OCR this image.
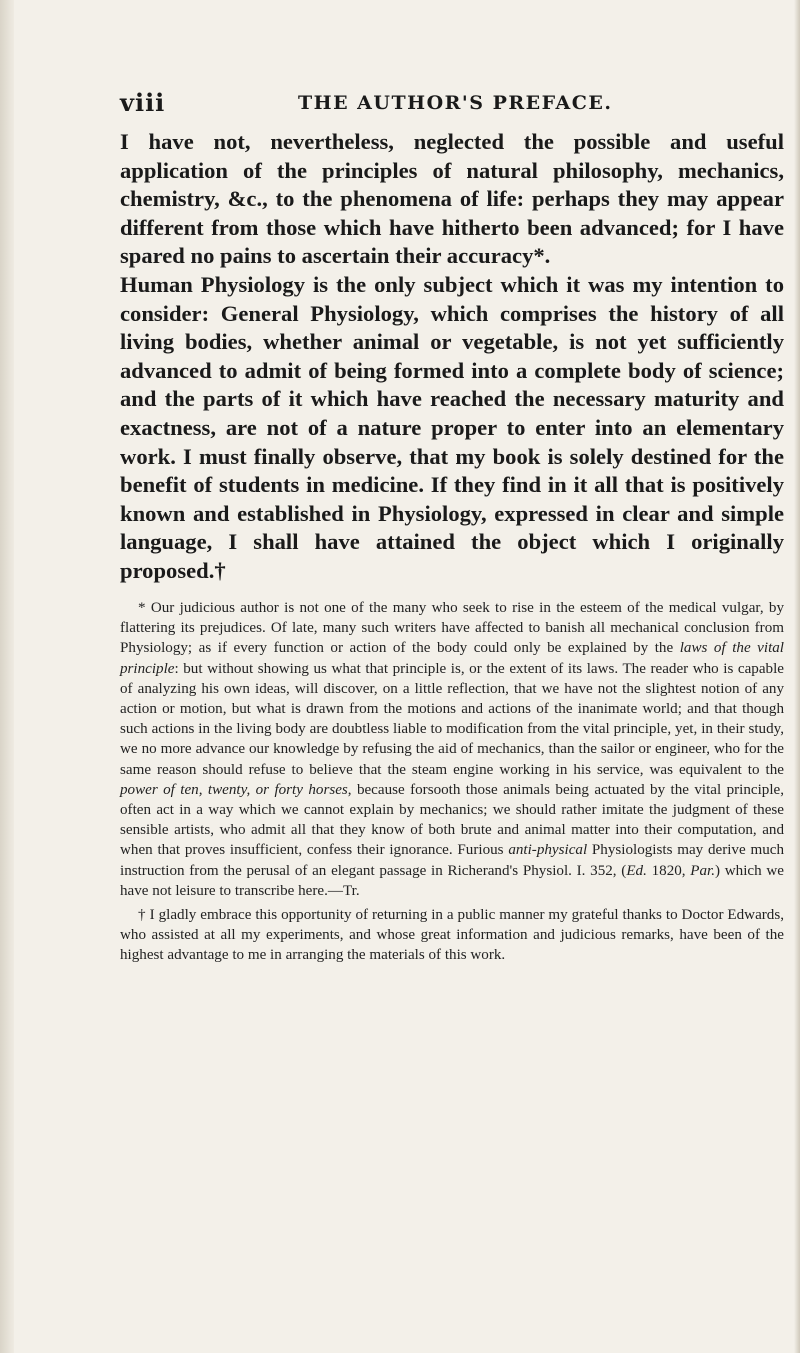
viii	THE AUTHOR'S PREFACE.

I have not, nevertheless, neglected the possible and useful application of the principles of natural philosophy, mechanics, chemistry, &c., to the phenomena of life: perhaps they may appear different from those which have hitherto been advanced; for I have spared no pains to ascertain their accuracy*.

Human Physiology is the only subject which it was my intention to consider: General Physiology, which comprises the history of all living bodies, whether animal or vegetable, is not yet sufficiently advanced to admit of being formed into a complete body of science; and the parts of it which have reached the necessary maturity and exactness, are not of a nature proper to enter into an elementary work. I must finally observe, that my book is solely destined for the benefit of students in medicine. If they find in it all that is positively known and established in Physiology, expressed in clear and simple language, I shall have attained the object which I originally proposed.†

* Our judicious author is not one of the many who seek to rise in the esteem of the medical vulgar, by flattering its prejudices. Of late, many such writers have affected to banish all mechanical conclusion from Physiology; as if every function or action of the body could only be explained by the laws of the vital principle: but without showing us what that principle is, or the extent of its laws. The reader who is capable of analyzing his own ideas, will discover, on a little reflection, that we have not the slightest notion of any action or motion, but what is drawn from the motions and actions of the inanimate world; and that though such actions in the living body are doubtless liable to modification from the vital principle, yet, in their study, we no more advance our knowledge by refusing the aid of mechanics, than the sailor or engineer, who for the same reason should refuse to believe that the steam engine working in his service, was equivalent to the power of ten, twenty, or forty horses, because forsooth those animals being actuated by the vital principle, often act in a way which we cannot explain by mechanics; we should rather imitate the judgment of these sensible artists, who admit all that they know of both brute and animal matter into their computation, and when that proves insufficient, confess their ignorance. Furious anti-physical Physiologists may derive much instruction from the perusal of an elegant passage in Richerand's Physiol. I. 352, (Ed. 1820, Par.) which we have not leisure to transcribe here.—Tr.

† I gladly embrace this opportunity of returning in a public manner my grateful thanks to Doctor Edwards, who assisted at all my experiments, and whose great information and judicious remarks, have been of the highest advantage to me in arranging the materials of this work.
